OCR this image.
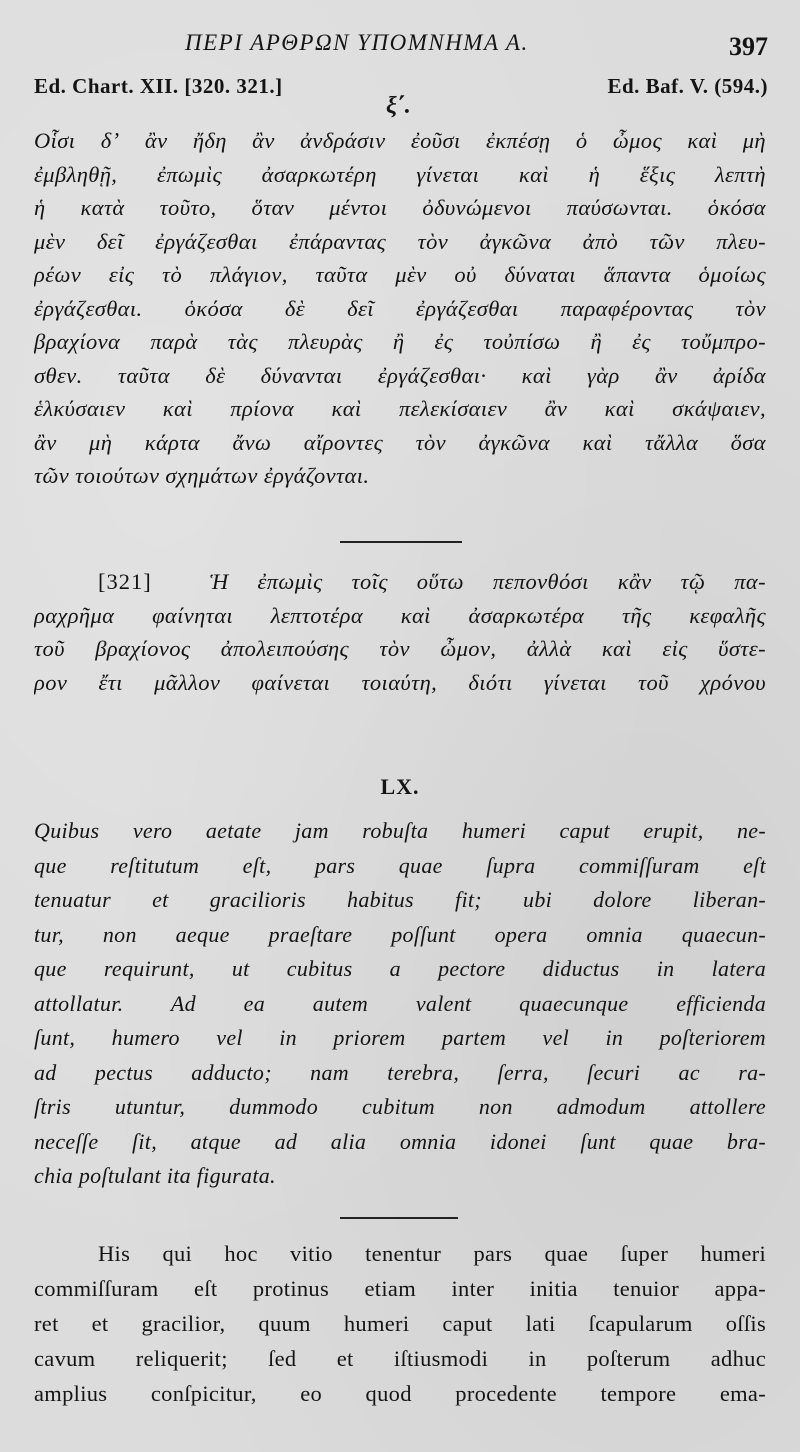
ΠΕΡΙ ΑΡΘΡΩΝ ΥΠΟΜΝΗΜΑ Α.	397
Ed. Chart. XII. [320. 321.]	Ed. Baf. V. (594.)
ξ΄.
Οἷσι δʼ ἂν ἤδη ἂν ἀνδράσιν ἐοῦσι ἐκπέσῃ ὁ ὦμος καὶ μὴ
ἐμβληθῇ, ἐπωμὶς ἀσαρκωτέρη γίνεται καὶ ἡ ἕξις λεπτὴ
ἡ κατὰ τοῦτο, ὅταν μέντοι ὀδυνώμενοι παύσωνται. ὁκόσα
μὲν δεῖ ἐργάζεσθαι ἐπάραντας τὸν ἀγκῶνα ἀπὸ τῶν πλευ-
ρέων εἰς τὸ πλάγιον, ταῦτα μὲν οὐ δύναται ἅπαντα ὁμοίως
ἐργάζεσθαι. ὁκόσα δὲ δεῖ ἐργάζεσθαι παραφέροντας τὸν
βραχίονα παρὰ τὰς πλευρὰς ἢ ἐς τοὐπίσω ἢ ἐς τοὔμπρο-
σθεν. ταῦτα δὲ δύνανται ἐργάζεσθαι· καὶ γὰρ ἂν ἀρίδα
ἑλκύσαιεν καὶ πρίονα καὶ πελεκίσαιεν ἂν καὶ σκάψαιεν,
ἂν μὴ κάρτα ἄνω αἴροντες τὸν ἀγκῶνα καὶ τἄλλα ὅσα
τῶν τοιούτων σχημάτων ἐργάζονται.
[321]	Ἡ ἐπωμὶς τοῖς οὕτω πεπονθόσι κἂν τῷ πα-
ραχρῆμα φαίνηται λεπτοτέρα καὶ ἀσαρκωτέρα τῆς κεφαλῆς
τοῦ βραχίονος ἀπολειπούσης τὸν ὦμον, ἀλλὰ καὶ εἰς ὕστε-
ρον ἔτι μᾶλλον φαίνεται τοιαύτη, διότι γίνεται τοῦ χρόνου
LX.
Quibus vero aetate jam robuſta humeri caput erupit, ne-
que reſtitutum eſt, pars quae ſupra commiſſuram eſt
tenuatur et gracilioris habitus fit; ubi dolore liberan-
tur, non aeque praeſtare poſſunt opera omnia quaecun-
que requirunt, ut cubitus a pectore diductus in latera
attollatur. Ad ea autem valent quaecunque efficienda
ſunt, humero vel in priorem partem vel in poſteriorem
ad pectus adducto; nam terebra, ſerra, ſecuri ac ra-
ſtris utuntur, dummodo cubitum non admodum attollere
neceſſe ſit, atque ad alia omnia idonei ſunt quae bra-
chia poſtulant ita figurata.
His qui hoc vitio tenentur pars quae ſuper humeri
commiſſuram eſt protinus etiam inter initia tenuior appa-
ret et gracilior, quum humeri caput lati ſcapularum oſſis
cavum reliquerit; ſed et iſtiusmodi in poſterum adhuc
amplius conſpicitur, eo quod procedente tempore ema-
